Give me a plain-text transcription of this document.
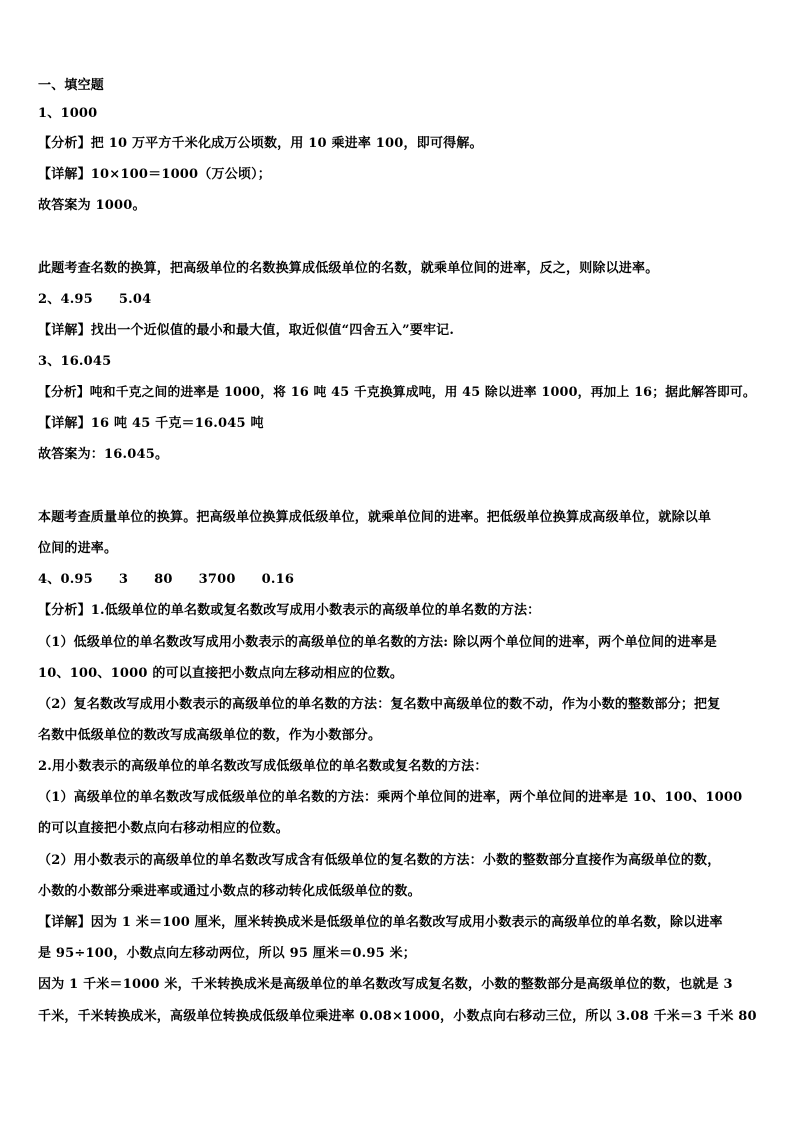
一、填空题
1、1000
【分析】把 10 万平方千米化成万公顷数，用 10 乘进率 100，即可得解。
【详解】10×100＝1000（万公顷）；
故答案为 1000。
此题考查名数的换算，把高级单位的名数换算成低级单位的名数，就乘单位间的进率，反之，则除以进率。
2、4.95 5.04
【详解】找出一个近似值的最小和最大值，取近似值“四舍五入”要牢记.
3、16.045
【分析】吨和千克之间的进率是 1000，将 16 吨 45 千克换算成吨，用 45 除以进率 1000，再加上 16；据此解答即可。
【详解】16 吨 45 千克＝16.045 吨
故答案为：16.045。
本题考查质量单位的换算。把高级单位换算成低级单位，就乘单位间的进率。把低级单位换算成高级单位，就除以单
位间的进率。
4、0.95 3 80 3700 0.16
【分析】1.低级单位的单名数或复名数改写成用小数表示的高级单位的单名数的方法：
（1）低级单位的单名数改写成用小数表示的高级单位的单名数的方法: 除以两个单位间的进率，两个单位间的进率是
10、100、1000 的可以直接把小数点向左移动相应的位数。
（2）复名数改写成用小数表示的高级单位的单名数的方法：复名数中高级单位的数不动，作为小数的整数部分；把复
名数中低级单位的数改写成高级单位的数，作为小数部分。
2.用小数表示的高级单位的单名数改写成低级单位的单名数或复名数的方法：
（1）高级单位的单名数改写成低级单位的单名数的方法：乘两个单位间的进率，两个单位间的进率是 10、100、1000
的可以直接把小数点向右移动相应的位数。
（2）用小数表示的高级单位的单名数改写成含有低级单位的复名数的方法：小数的整数部分直接作为高级单位的数，
小数的小数部分乘进率或通过小数点的移动转化成低级单位的数。
【详解】因为 1 米＝100 厘米，厘米转换成米是低级单位的单名数改写成用小数表示的高级单位的单名数，除以进率
是 95÷100，小数点向左移动两位，所以 95 厘米＝0.95 米；
因为 1 千米＝1000 米，千米转换成米是高级单位的单名数改写成复名数，小数的整数部分是高级单位的数，也就是 3
千米，千米转换成米，高级单位转换成低级单位乘进率 0.08×1000，小数点向右移动三位，所以 3.08 千米＝3 千米 80
